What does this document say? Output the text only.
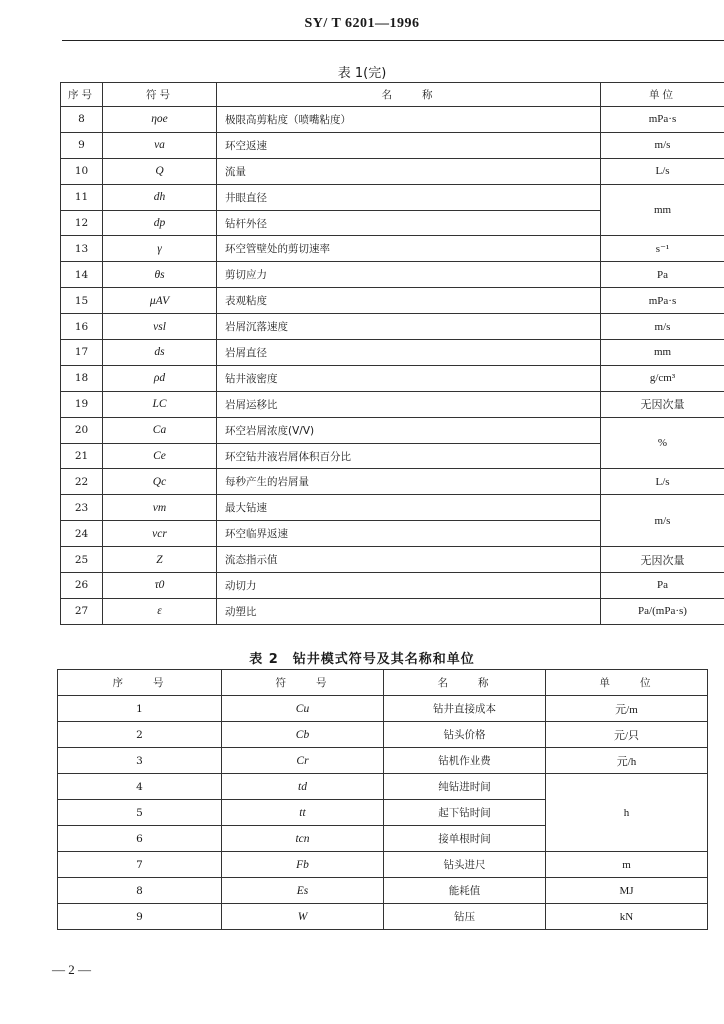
SY/ T 6201—1996
表 1(完)
序号	符号	名　　称	单位
8	ηoe	极限高剪粘度（喷嘴粘度）	mPa·s
9	va	环空返速	m/s
10	Q	流量	L/s
11	dh	井眼直径	mm
12	dp	钻杆外径	
13	γ	环空管壁处的剪切速率	s⁻¹
14	θs	剪切应力	Pa
15	μAV	表观粘度	mPa·s
16	vsl	岩屑沉落速度	m/s
17	ds	岩屑直径	mm
18	ρd	钻井液密度	g/cm³
19	LC	岩屑运移比	无因次量
20	Ca	环空岩屑浓度(V/V)	%
21	Ce	环空钻井液岩屑体积百分比	
22	Qc	每秒产生的岩屑量	L/s
23	vm	最大钻速	m/s
24	vcr	环空临界返速	
25	Z	流态指示值	无因次量
26	τ0	动切力	Pa
27	ε	动塑比	Pa/(mPa·s)
表 2　钻井模式符号及其名称和单位
序　　号	符　　号	名　　称	单　　位
1	Cu	钻井直接成本	元/m
2	Cb	钻头价格	元/只
3	Cr	钻机作业费	元/h
4	td	纯钻进时间	h
5	tt	起下钻时间	
6	tcn	接单根时间	
7	Fb	钻头进尺	m
8	Es	能耗值	MJ
9	W	钻压	kN
— 2 —
